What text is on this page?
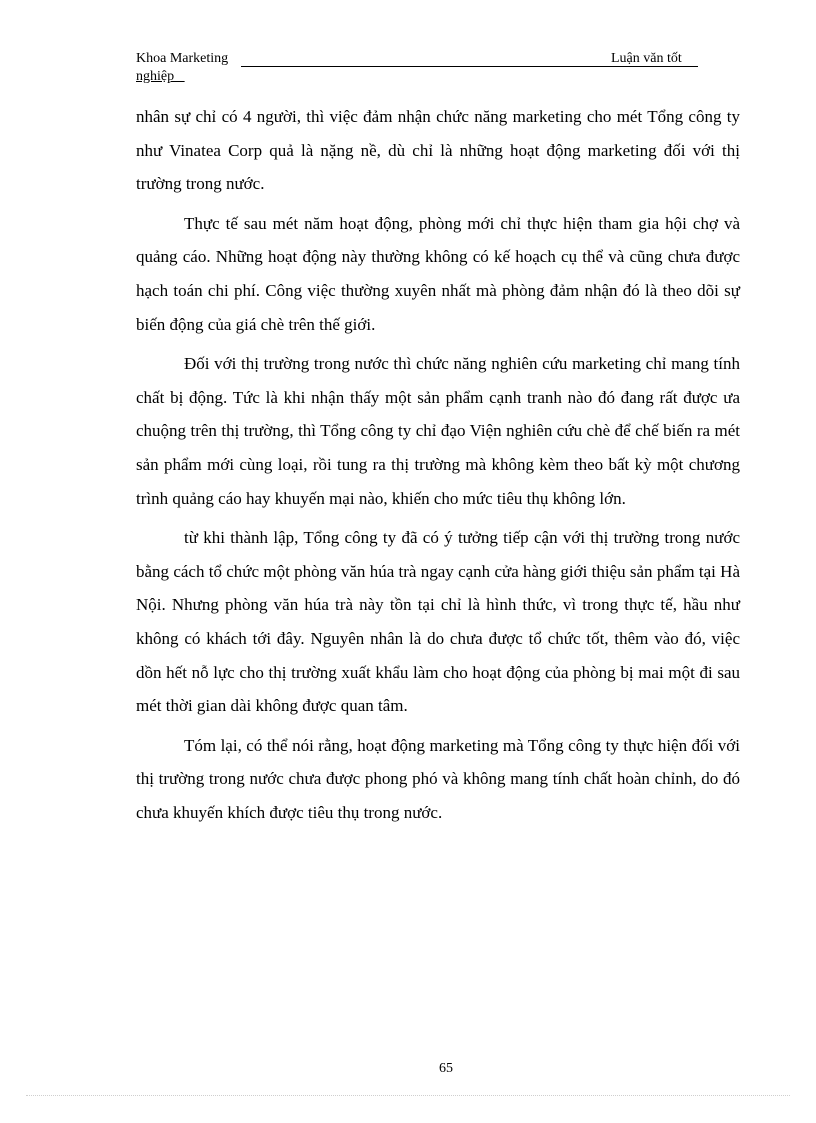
Khoa Marketing	Luận văn tốt
nghiệp

nhân sự chỉ có 4 người, thì việc đảm nhận chức năng marketing cho mét Tổng công ty như Vinatea Corp quả là nặng nề, dù chỉ là những hoạt động marketing đối với thị trường trong nước.

Thực tế sau mét năm hoạt động, phòng mới chỉ thực hiện tham gia hội chợ và quảng cáo. Những hoạt động này thường không có kế hoạch cụ thể và cũng chưa được hạch toán chi phí. Công việc thường xuyên nhất mà phòng đảm nhận đó là theo dõi sự biến động của giá chè trên thế giới.

Đối với thị trường trong nước thì chức năng nghiên cứu marketing chỉ mang tính chất bị động. Tức là khi nhận thấy một sản phẩm cạnh tranh nào đó đang rất được ưa chuộng trên thị trường, thì Tổng công ty chỉ đạo Viện nghiên cứu chè để chế biến ra mét sản phẩm mới cùng loại, rồi tung ra thị trường mà không kèm theo bất kỳ một chương trình quảng cáo hay khuyến mại nào, khiến cho mức tiêu thụ không lớn.

từ khi thành lập, Tổng công ty đã có ý tưởng tiếp cận với thị trường trong nước bằng cách tổ chức một phòng văn húa trà ngay cạnh cửa hàng giới thiệu sản phẩm tại Hà Nội. Nhưng phòng văn húa trà này tồn tại chỉ là hình thức, vì trong thực tế, hầu như không có khách tới đây. Nguyên nhân là do chưa được tổ chức tốt, thêm vào đó, việc dồn hết nỗ lực cho thị trường xuất khẩu làm cho hoạt động của phòng bị mai một đi sau mét thời gian dài không được quan tâm.

Tóm lại, có thể nói rằng, hoạt động marketing mà Tổng công ty thực hiện đối với thị trường trong nước chưa được phong phó và không mang tính chất hoàn chỉnh, do đó chưa khuyến khích được tiêu thụ trong nước.

65
